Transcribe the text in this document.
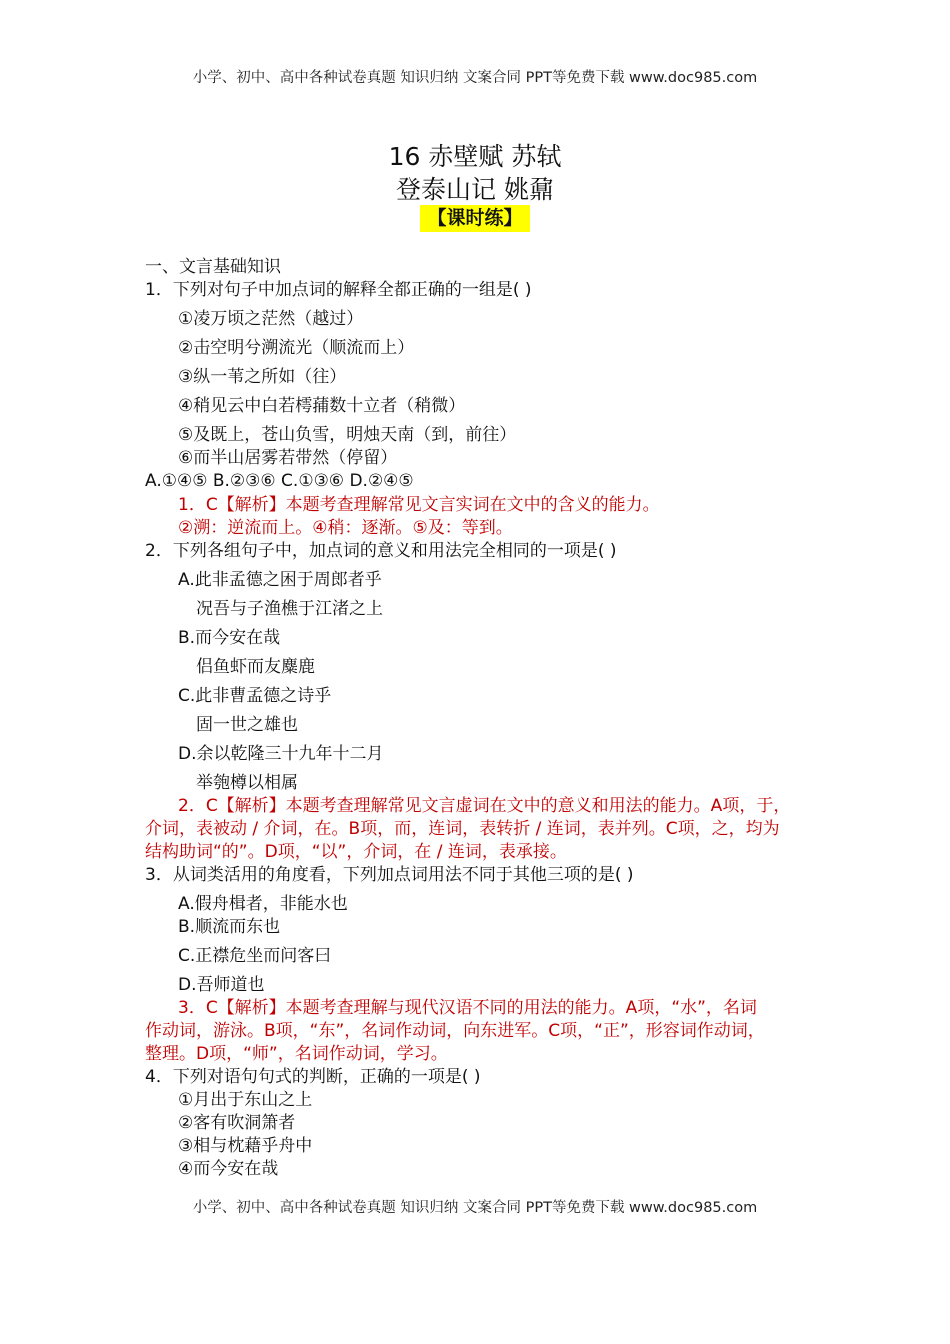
小学、初中、高中各种试卷真题 知识归纳 文案合同 PPT等免费下载 www.doc985.com
16 赤壁赋 苏轼
登泰山记 姚鼐
【课时练】
一、文言基础知识
1．下列对句子中加点词的解释全都正确的一组是( )
①凌万顷之茫然（越过）
②击空明兮溯流光（顺流而上）
③纵一苇之所如（往）
④稍见云中白若樗蒱数十立者（稍微）
⑤及既上，苍山负雪，明烛天南（到，前往）
⑥而半山居雾若带然（停留）
A.①④⑤ B.②③⑥ C.①③⑥ D.②④⑤
1．C【解析】本题考查理解常见文言实词在文中的含义的能力。
②溯：逆流而上。④稍：逐渐。⑤及：等到。
2．下列各组句子中，加点词的意义和用法完全相同的一项是( )
A.此非孟德之困于周郎者乎
况吾与子渔樵于江渚之上
B.而今安在哉
侣鱼虾而友麋鹿
C.此非曹孟德之诗乎
固一世之雄也
D.余以乾隆三十九年十二月
举匏樽以相属
2．C【解析】本题考查理解常见文言虚词在文中的意义和用法的能力。A项，于，
介词，表被动 / 介词，在。B项，而，连词，表转折 / 连词，表并列。C项，之，均为
结构助词“的”。D项，“以”，介词，在 / 连词，表承接。
3．从词类活用的角度看，下列加点词用法不同于其他三项的是( )
A.假舟楫者，非能水也
B.顺流而东也
C.正襟危坐而问客曰
D.吾师道也
3．C【解析】本题考查理解与现代汉语不同的用法的能力。A项，“水”，名词
作动词，游泳。B项，“东”，名词作动词，向东进军。C项，“正”，形容词作动词，
整理。D项，“师”，名词作动词，学习。
4．下列对语句句式的判断，正确的一项是( )
①月出于东山之上
②客有吹洞箫者
③相与枕藉乎舟中
④而今安在哉
小学、初中、高中各种试卷真题 知识归纳 文案合同 PPT等免费下载 www.doc985.com
